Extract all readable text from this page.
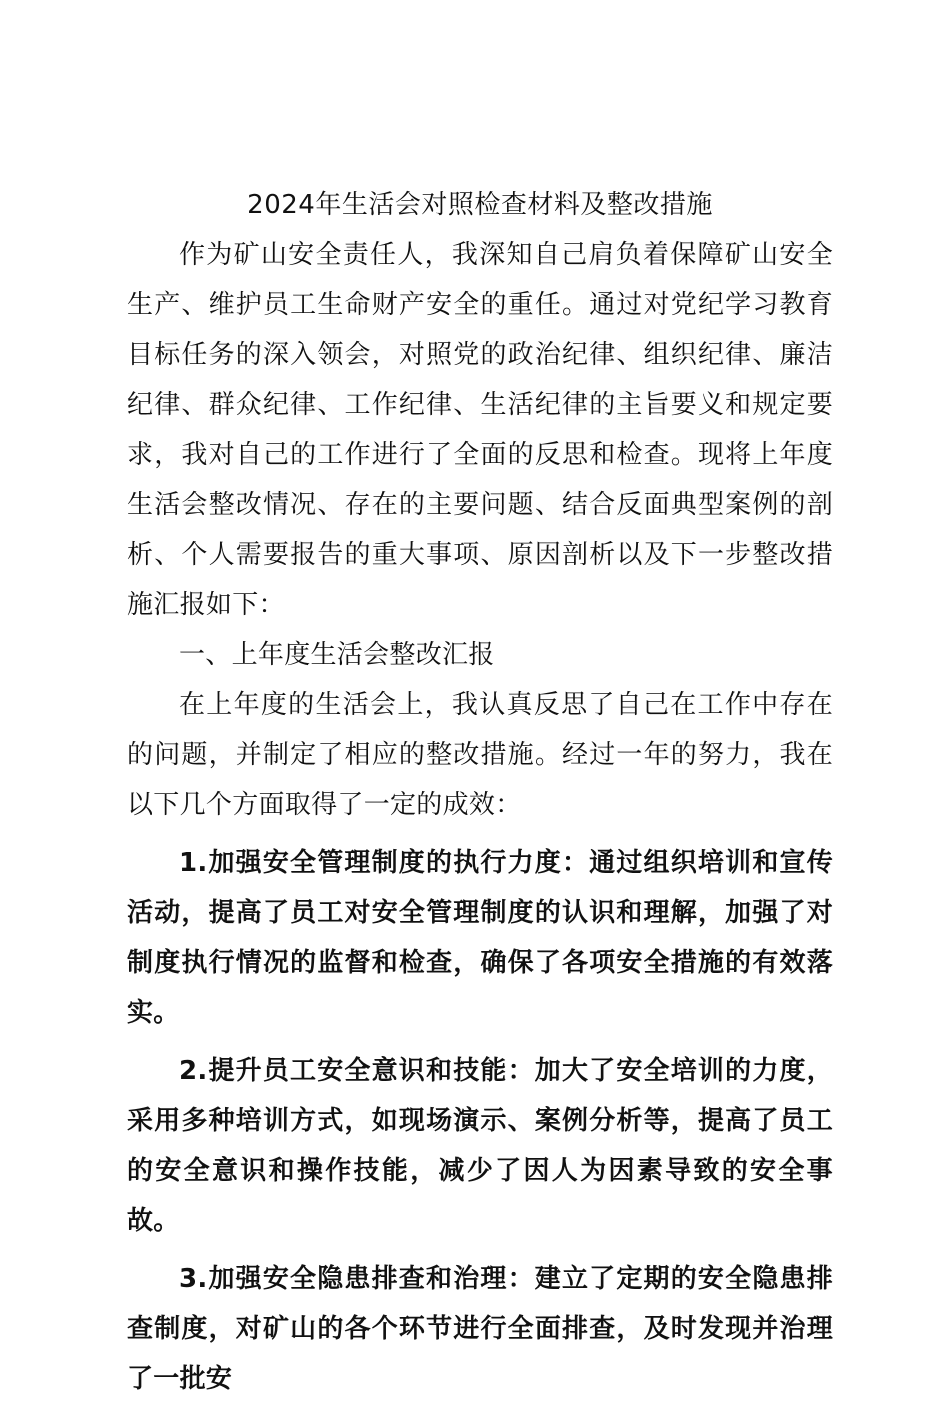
2024年生活会对照检查材料及整改措施

作为矿山安全责任人，我深知自己肩负着保障矿山安全生产、维护员工生命财产安全的重任。通过对党纪学习教育目标任务的深入领会，对照党的政治纪律、组织纪律、廉洁纪律、群众纪律、工作纪律、生活纪律的主旨要义和规定要求，我对自己的工作进行了全面的反思和检查。现将上年度生活会整改情况、存在的主要问题、结合反面典型案例的剖析、个人需要报告的重大事项、原因剖析以及下一步整改措施汇报如下：

一、上年度生活会整改汇报

在上年度的生活会上，我认真反思了自己在工作中存在的问题，并制定了相应的整改措施。经过一年的努力，我在以下几个方面取得了一定的成效：

1.加强安全管理制度的执行力度：通过组织培训和宣传活动，提高了员工对安全管理制度的认识和理解，加强了对制度执行情况的监督和检查，确保了各项安全措施的有效落实。

2.提升员工安全意识和技能：加大了安全培训的力度，采用多种培训方式，如现场演示、案例分析等，提高了员工的安全意识和操作技能，减少了因人为因素导致的安全事故。

3.加强安全隐患排查和治理：建立了定期的安全隐患排查制度，对矿山的各个环节进行全面排查，及时发现并治理了一批安
